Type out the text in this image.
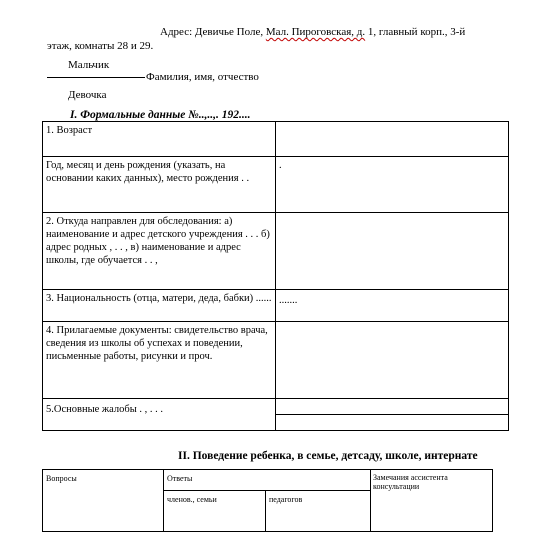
Адрес: Девичье Поле, Мал. Пироговская, д. 1, главный корп., 3-й
этаж, комнаты 28 и 29.
Мальчик
Фамилия, имя, отчество
Девочка
I. Формальные данные №..,..,. 192....
1. Возраст	
Год, месяц и день рождения (указать, на основании каких данных), место рождения . .	.
2. Откуда направлен для обследования: а) наименование и адрес детского учреждения . . . б) адрес родных , . . , в) наименование и адрес школы, где обучается . . ,	
3. Национальность (отца, матери, деда, бабки) ......	.......
4. Прилагаемые документы: свидетельство врача, сведения из школы об успехах и поведении, письменные работы, рисунки и проч.	
5.Основные жалобы . , . . .	
II. Поведение ребенка, в семье, детсаду, школе, интернате
Вопросы	Ответы	Замечания ассистента консультации
членов., семьи	педагогов
